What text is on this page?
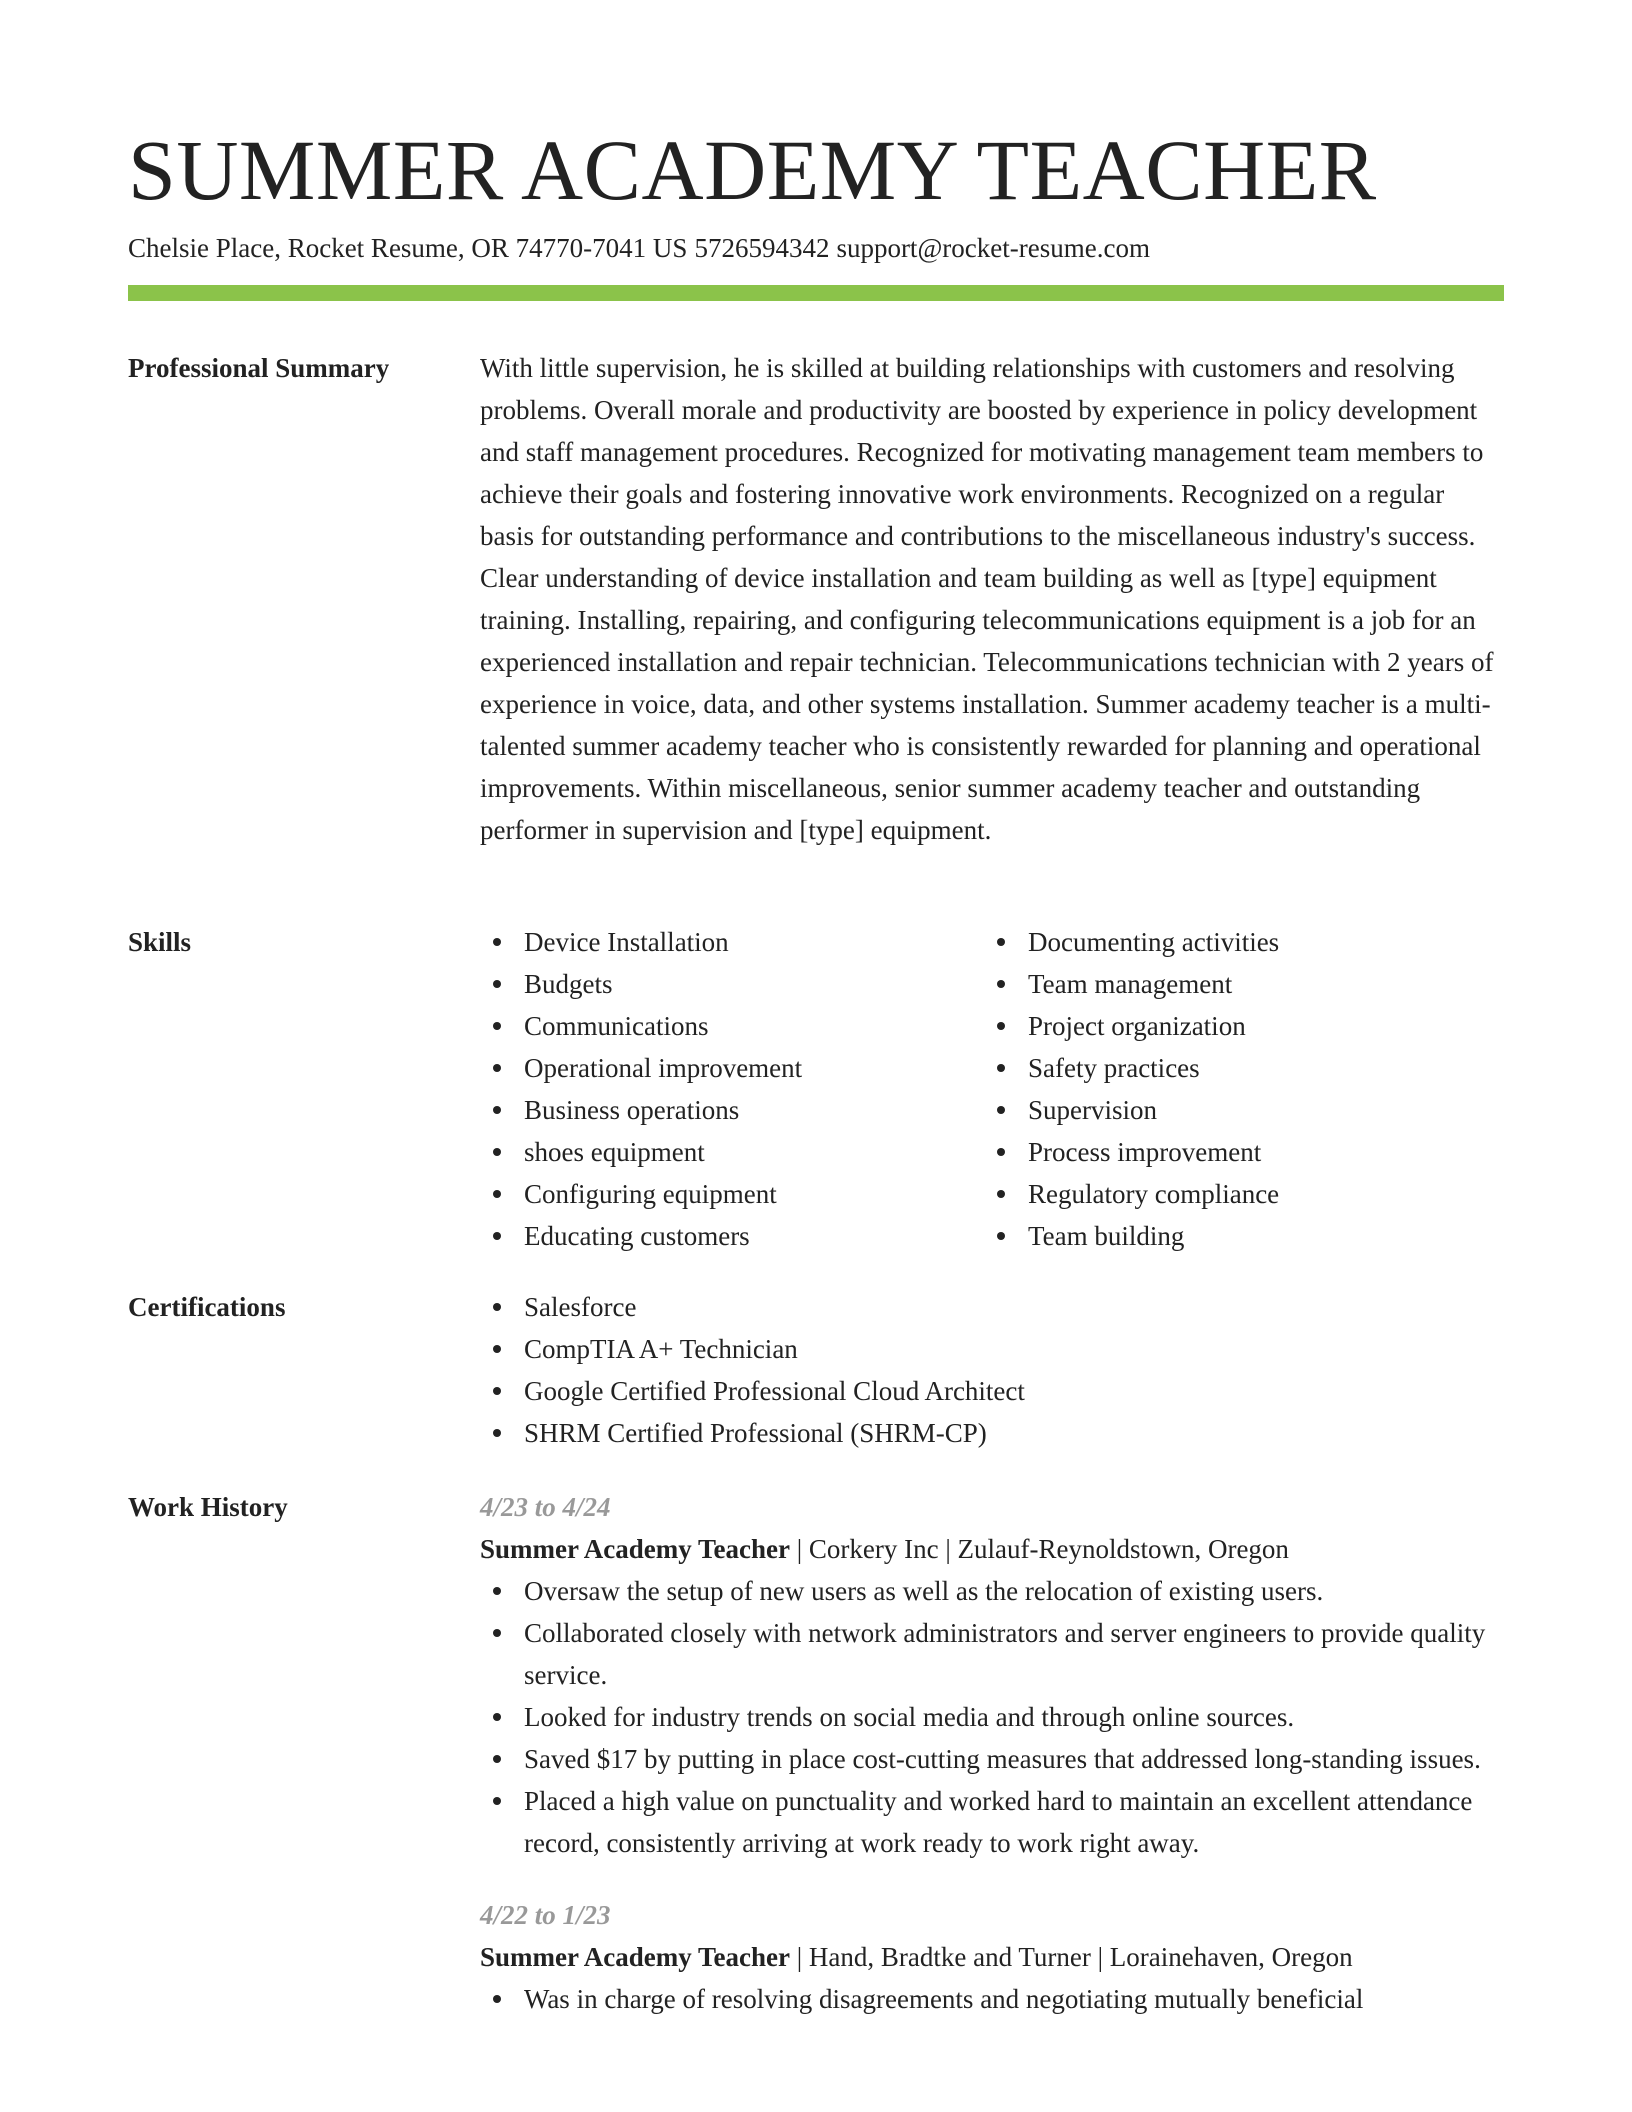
SUMMER ACADEMY TEACHER
Chelsie Place, Rocket Resume, OR 74770-7041 US 5726594342 support@rocket-resume.com
Professional Summary	With little supervision, he is skilled at building relationships with customers and resolving problems. Overall morale and productivity are boosted by experience in policy development and staff management procedures. Recognized for motivating management team members to achieve their goals and fostering innovative work environments. Recognized on a regular basis for outstanding performance and contributions to the miscellaneous industry's success. Clear understanding of device installation and team building as well as [type] equipment training. Installing, repairing, and configuring telecommunications equipment is a job for an experienced installation and repair technician. Telecommunications technician with 2 years of experience in voice, data, and other systems installation. Summer academy teacher is a multi-talented summer academy teacher who is consistently rewarded for planning and operational improvements. Within miscellaneous, senior summer academy teacher and outstanding performer in supervision and [type] equipment.

Skills	Device Installation
Budgets
Communications
Operational improvement
Business operations
shoes equipment
Configuring equipment
Educating customers
Documenting activities
Team management
Project organization
Safety practices
Supervision
Process improvement
Regulatory compliance
Team building
Certifications	Salesforce
CompTIA A+ Technician
Google Certified Professional Cloud Architect
SHRM Certified Professional (SHRM-CP)
Work History	4/23 to 4/24
Summer Academy Teacher | Corkery Inc | Zulauf-Reynoldstown, Oregon
Oversaw the setup of new users as well as the relocation of existing users.
Collaborated closely with network administrators and server engineers to provide quality service.
Looked for industry trends on social media and through online sources.
Saved $17 by putting in place cost-cutting measures that addressed long-standing issues.
Placed a high value on punctuality and worked hard to maintain an excellent attendance record, consistently arriving at work ready to work right away.
4/22 to 1/23
Summer Academy Teacher | Hand, Bradtke and Turner | Lorainehaven, Oregon
Was in charge of resolving disagreements and negotiating mutually beneficial
